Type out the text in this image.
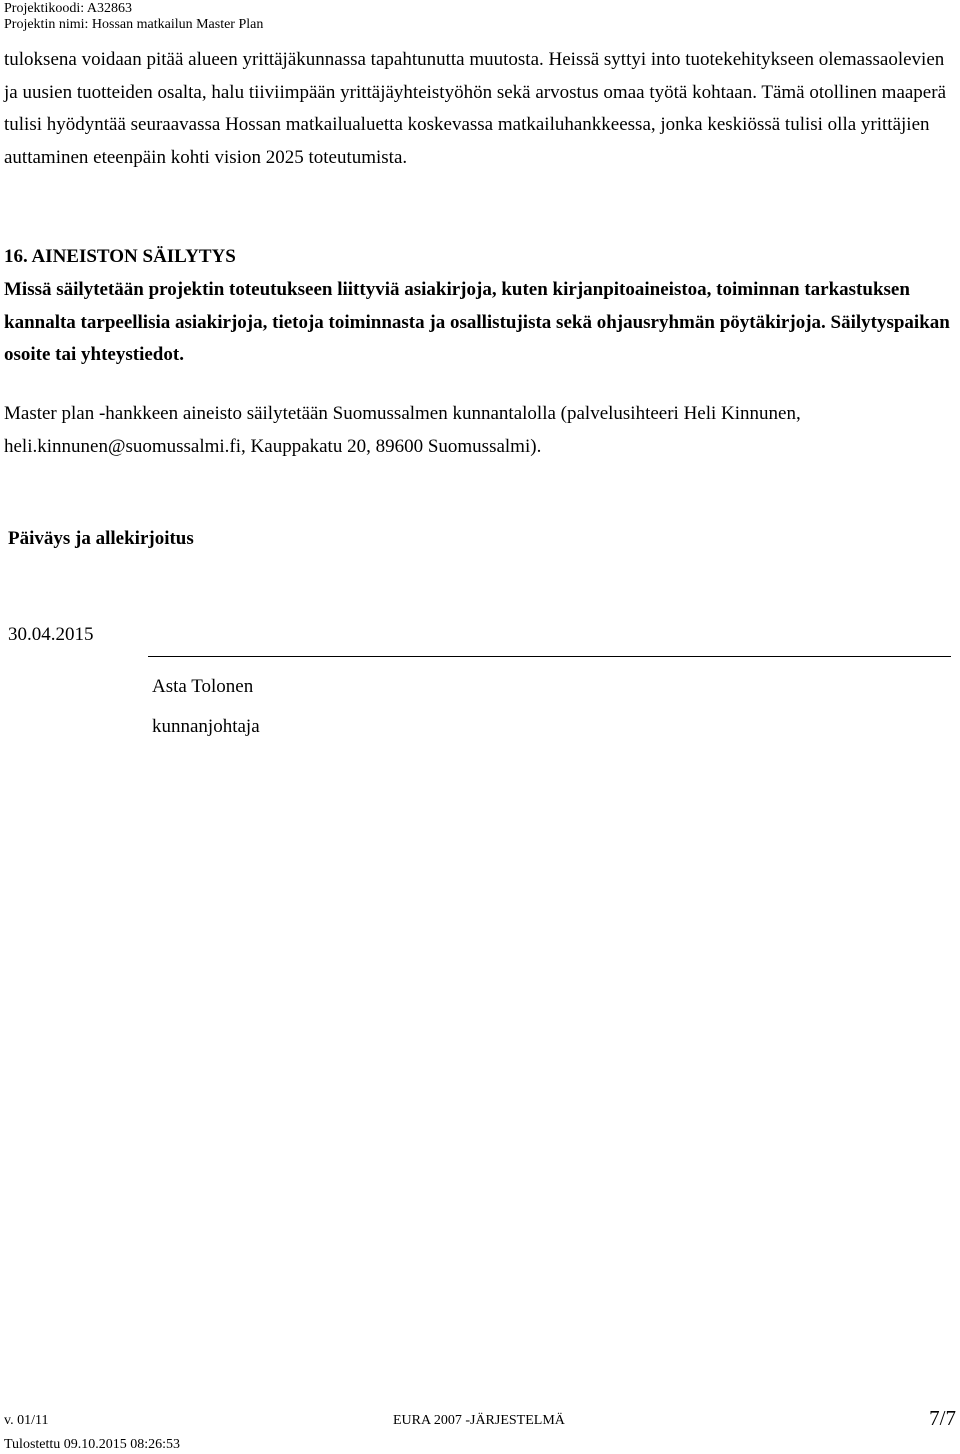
Projektikoodi: A32863
Projektin nimi: Hossan matkailun Master Plan

tuloksena voidaan pitää alueen yrittäjäkunnassa tapahtunutta muutosta. Heissä syttyi into tuotekehitykseen olemassaolevien ja uusien tuotteiden osalta, halu tiiviimpään yrittäjäyhteistyöhön sekä arvostus omaa työtä kohtaan. Tämä otollinen maaperä tulisi hyödyntää seuraavassa Hossan matkailualuetta koskevassa matkailuhankkeessa, jonka keskiössä tulisi olla yrittäjien auttaminen eteenpäin kohti vision 2025 toteutumista.

16. AINEISTON SÄILYTYS

Missä säilytetään projektin toteutukseen liittyviä asiakirjoja, kuten kirjanpitoaineistoa, toiminnan tarkastuksen kannalta tarpeellisia asiakirjoja, tietoja toiminnasta ja osallistujista sekä ohjausryhmän pöytäkirjoja. Säilytyspaikan osoite tai yhteystiedot.

Master plan -hankkeen aineisto säilytetään Suomussalmen kunnantalolla (palvelusihteeri Heli Kinnunen, heli.kinnunen@suomussalmi.fi, Kauppakatu 20, 89600 Suomussalmi).

Päiväys ja allekirjoitus
30.04.2015
Asta Tolonen
kunnanjohtaja
v. 01/11	EURA 2007 -JÄRJESTELMÄ	7/7
Tulostettu 09.10.2015 08:26:53
